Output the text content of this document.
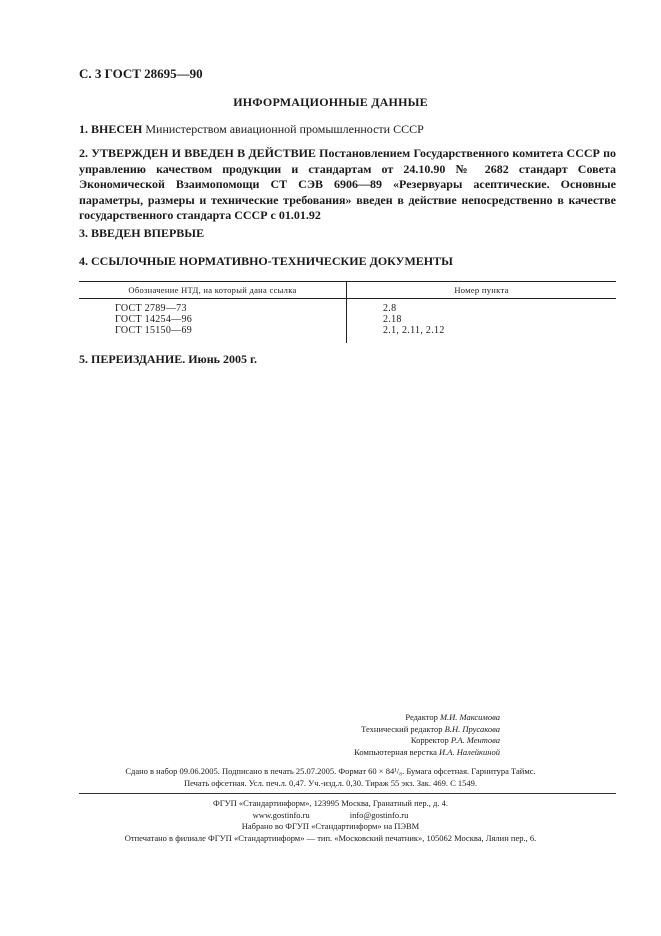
С. 3 ГОСТ 28695—90
ИНФОРМАЦИОННЫЕ ДАННЫЕ
1. ВНЕСЕН Министерством авиационной промышленности СССР
2. УТВЕРЖДЕН И ВВЕДЕН В ДЕЙСТВИЕ Постановлением Государственного комитета СССР по управлению качеством продукции и стандартам от 24.10.90 № 2682 стандарт Совета Экономической Взаимопомощи СТ СЭВ 6906—89 «Резервуары асептические. Основные параметры, размеры и технические требования» введен в действие непосредственно в качестве государственного стандарта СССР с 01.01.92
3. ВВЕДЕН ВПЕРВЫЕ
4. ССЫЛОЧНЫЕ НОРМАТИВНО-ТЕХНИЧЕСКИЕ ДОКУМЕНТЫ
Обозначение НТД, на который дана ссылка	Номер пункта
ГОСТ 2789—73
ГОСТ 14254—96
ГОСТ 15150—69
2.8
2.18
2.1, 2.11, 2.12
5. ПЕРЕИЗДАНИЕ. Июнь 2005 г.
Редактор М.И. Максимова
Технический редактор В.Н. Прусакова
Корректор Р.А. Ментова
Компьютерная верстка И.А. Налейкиной
Сдано в набор 09.06.2005. Подписано в печать 25.07.2005. Формат 60 × 84¹/₈. Бумага офсетная. Гарнитура Таймс.
Печать офсетная. Усл. печ.л. 0,47. Уч.-изд.л. 0,30. Тираж 55 экз. Зак. 469. С 1549.
ФГУП «Стандартинформ», 123995 Москва, Гранатный пер., д. 4.
www.gostinfo.ru	info@gostinfo.ru
Набрано во ФГУП «Стандартинформ» на ПЭВМ
Отпечатано в филиале ФГУП «Стандартинформ» — тип. «Московский печатник», 105062 Москва, Лялин пер., 6.
